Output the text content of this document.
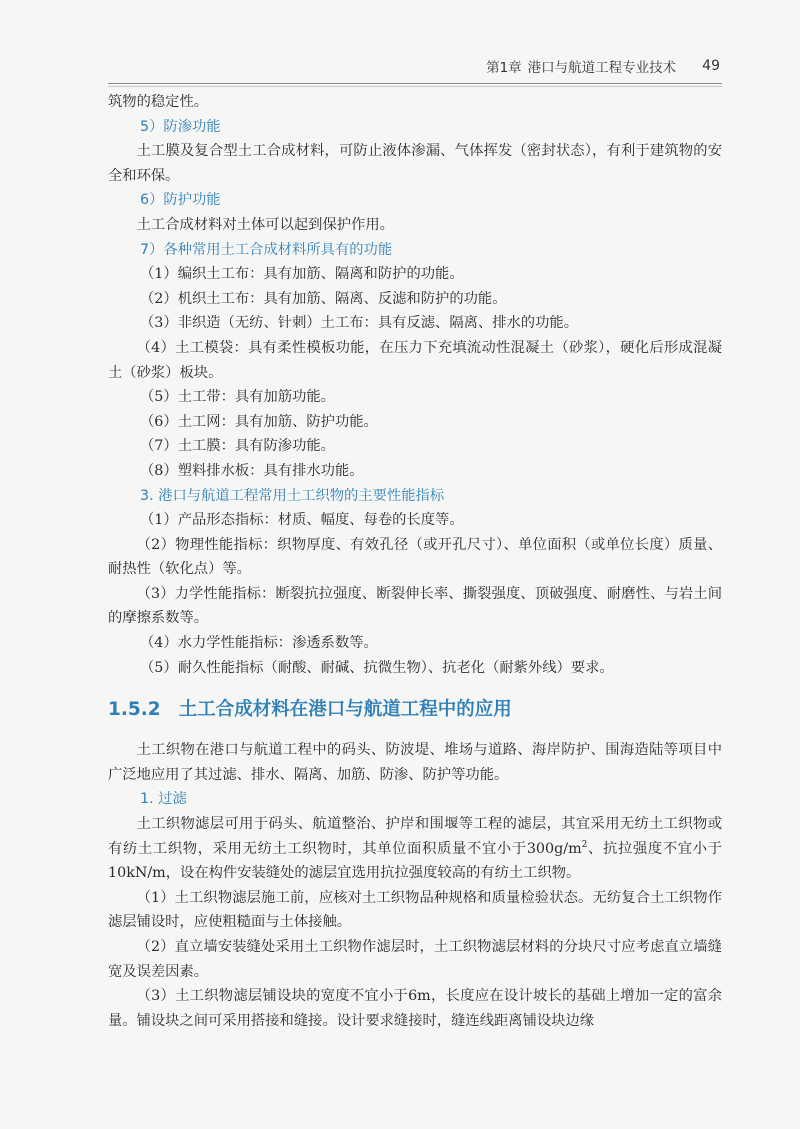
第1章 港口与航道工程专业技术 49

筑物的稳定性。

5）防渗功能

土工膜及复合型土工合成材料，可防止液体渗漏、气体挥发（密封状态），有利于建筑物的安全和环保。

6）防护功能

土工合成材料对土体可以起到保护作用。

7）各种常用土工合成材料所具有的功能

（1）编织土工布：具有加筋、隔离和防护的功能。

（2）机织土工布：具有加筋、隔离、反滤和防护的功能。

（3）非织造（无纺、针刺）土工布：具有反滤、隔离、排水的功能。

（4）土工模袋：具有柔性模板功能，在压力下充填流动性混凝土（砂浆），硬化后形成混凝土（砂浆）板块。

（5）土工带：具有加筋功能。

（6）土工网：具有加筋、防护功能。

（7）土工膜：具有防渗功能。

（8）塑料排水板：具有排水功能。

3. 港口与航道工程常用土工织物的主要性能指标

（1）产品形态指标：材质、幅度、每卷的长度等。

（2）物理性能指标：织物厚度、有效孔径（或开孔尺寸）、单位面积（或单位长度）质量、耐热性（软化点）等。

（3）力学性能指标：断裂抗拉强度、断裂伸长率、撕裂强度、顶破强度、耐磨性、与岩土间的摩擦系数等。

（4）水力学性能指标：渗透系数等。

（5）耐久性能指标（耐酸、耐碱、抗微生物）、抗老化（耐紫外线）要求。

1.5.2 土工合成材料在港口与航道工程中的应用

土工织物在港口与航道工程中的码头、防波堤、堆场与道路、海岸防护、围海造陆等项目中广泛地应用了其过滤、排水、隔离、加筋、防渗、防护等功能。

1. 过滤

土工织物滤层可用于码头、航道整治、护岸和围堰等工程的滤层，其宜采用无纺土工织物或有纺土工织物，采用无纺土工织物时，其单位面积质量不宜小于$300g/m^2$、抗拉强度不宜小于10kN/m，设在构件安装缝处的滤层宜选用抗拉强度较高的有纺土工织物。

（1）土工织物滤层施工前，应核对土工织物品种规格和质量检验状态。无纺复合土工织物作滤层铺设时，应使粗糙面与土体接触。

（2）直立墙安装缝处采用土工织物作滤层时，土工织物滤层材料的分块尺寸应考虑直立墙缝宽及误差因素。

（3）土工织物滤层铺设块的宽度不宜小于6m，长度应在设计坡长的基础上增加一定的富余量。铺设块之间可采用搭接和缝接。设计要求缝接时，缝连线距离铺设块边缘
